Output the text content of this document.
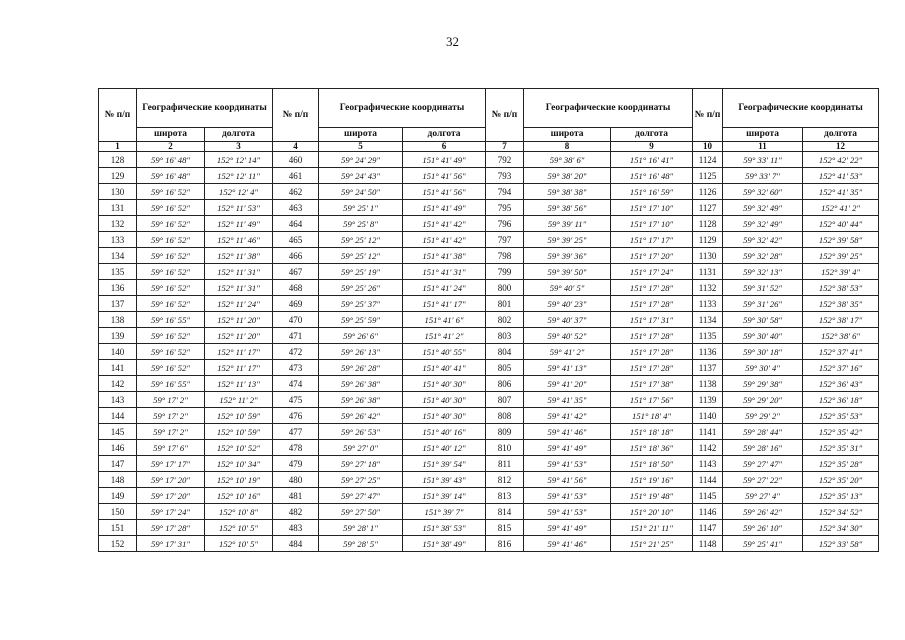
32
№ п/п	Географические координаты		№ п/п	Географические координаты		№ п/п	Географические координаты		№ п/п	Географические координаты	
	широта	долгота		широта	долгота		широта	долгота		широта	долгота
1	2	3	4	5	6	7	8	9	10	11	12
128	59° 16' 48"	152° 12' 14"	460	59° 24' 29"	151° 41' 49"	792	59° 38' 6"	151° 16' 41"	1124	59° 33' 11"	152° 42' 22"
129	59° 16' 48"	152° 12' 11"	461	59° 24' 43"	151° 41' 56"	793	59° 38' 20"	151° 16' 48"	1125	59° 33' 7"	152° 41' 53"
130	59° 16' 52"	152° 12' 4"	462	59° 24' 50"	151° 41' 56"	794	59° 38' 38"	151° 16' 59"	1126	59° 32' 60"	152° 41' 35"
131	59° 16' 52"	152° 11' 53"	463	59° 25' 1"	151° 41' 49"	795	59° 38' 56"	151° 17' 10"	1127	59° 32' 49"	152° 41' 2"
132	59° 16' 52"	152° 11' 49"	464	59° 25' 8"	151° 41' 42"	796	59° 39' 11"	151° 17' 10"	1128	59° 32' 49"	152° 40' 44"
133	59° 16' 52"	152° 11' 46"	465	59° 25' 12"	151° 41' 42"	797	59° 39' 25"	151° 17' 17"	1129	59° 32' 42"	152° 39' 58"
134	59° 16' 52"	152° 11' 38"	466	59° 25' 12"	151° 41' 38"	798	59° 39' 36"	151° 17' 20"	1130	59° 32' 28"	152° 39' 25"
135	59° 16' 52"	152° 11' 31"	467	59° 25' 19"	151° 41' 31"	799	59° 39' 50"	151° 17' 24"	1131	59° 32' 13"	152° 39' 4"
136	59° 16' 52"	152° 11' 31"	468	59° 25' 26"	151° 41' 24"	800	59° 40' 5"	151° 17' 28"	1132	59° 31' 52"	152° 38' 53"
137	59° 16' 52"	152° 11' 24"	469	59° 25' 37"	151° 41' 17"	801	59° 40' 23"	151° 17' 28"	1133	59° 31' 26"	152° 38' 35"
138	59° 16' 55"	152° 11' 20"	470	59° 25' 59"	151° 41' 6"	802	59° 40' 37"	151° 17' 31"	1134	59° 30' 58"	152° 38' 17"
139	59° 16' 52"	152° 11' 20"	471	59° 26' 6"	151° 41' 2"	803	59° 40' 52"	151° 17' 28"	1135	59° 30' 40"	152° 38' 6"
140	59° 16' 52"	152° 11' 17"	472	59° 26' 13"	151° 40' 55"	804	59° 41' 2"	151° 17' 28"	1136	59° 30' 18"	152° 37' 41"
141	59° 16' 52"	152° 11' 17"	473	59° 26' 28"	151° 40' 41"	805	59° 41' 13"	151° 17' 28"	1137	59° 30' 4"	152° 37' 16"
142	59° 16' 55"	152° 11' 13"	474	59° 26' 38"	151° 40' 30"	806	59° 41' 20"	151° 17' 38"	1138	59° 29' 38"	152° 36' 43"
143	59° 17' 2"	152° 11' 2"	475	59° 26' 38"	151° 40' 30"	807	59° 41' 35"	151° 17' 56"	1139	59° 29' 20"	152° 36' 18"
144	59° 17' 2"	152° 10' 59"	476	59° 26' 42"	151° 40' 30"	808	59° 41' 42"	151° 18' 4"	1140	59° 29' 2"	152° 35' 53"
145	59° 17' 2"	152° 10' 59"	477	59° 26' 53"	151° 40' 16"	809	59° 41' 46"	151° 18' 18"	1141	59° 28' 44"	152° 35' 42"
146	59° 17' 6"	152° 10' 52"	478	59° 27' 0"	151° 40' 12"	810	59° 41' 49"	151° 18' 36"	1142	59° 28' 16"	152° 35' 31"
147	59° 17' 17"	152° 10' 34"	479	59° 27' 18"	151° 39' 54"	811	59° 41' 53"	151° 18' 50"	1143	59° 27' 47"	152° 35' 28"
148	59° 17' 20"	152° 10' 19"	480	59° 27' 25"	151° 39' 43"	812	59° 41' 56"	151° 19' 16"	1144	59° 27' 22"	152° 35' 20"
149	59° 17' 20"	152° 10' 16"	481	59° 27' 47"	151° 39' 14"	813	59° 41' 53"	151° 19' 48"	1145	59° 27' 4"	152° 35' 13"
150	59° 17' 24"	152° 10' 8"	482	59° 27' 50"	151° 39' 7"	814	59° 41' 53"	151° 20' 10"	1146	59° 26' 42"	152° 34' 52"
151	59° 17' 28"	152° 10' 5"	483	59° 28' 1"	151° 38' 53"	815	59° 41' 49"	151° 21' 11"	1147	59° 26' 10"	152° 34' 30"
152	59° 17' 31"	152° 10' 5"	484	59° 28' 5"	151° 38' 49"	816	59° 41' 46"	151° 21' 25"	1148	59° 25' 41"	152° 33' 58"
